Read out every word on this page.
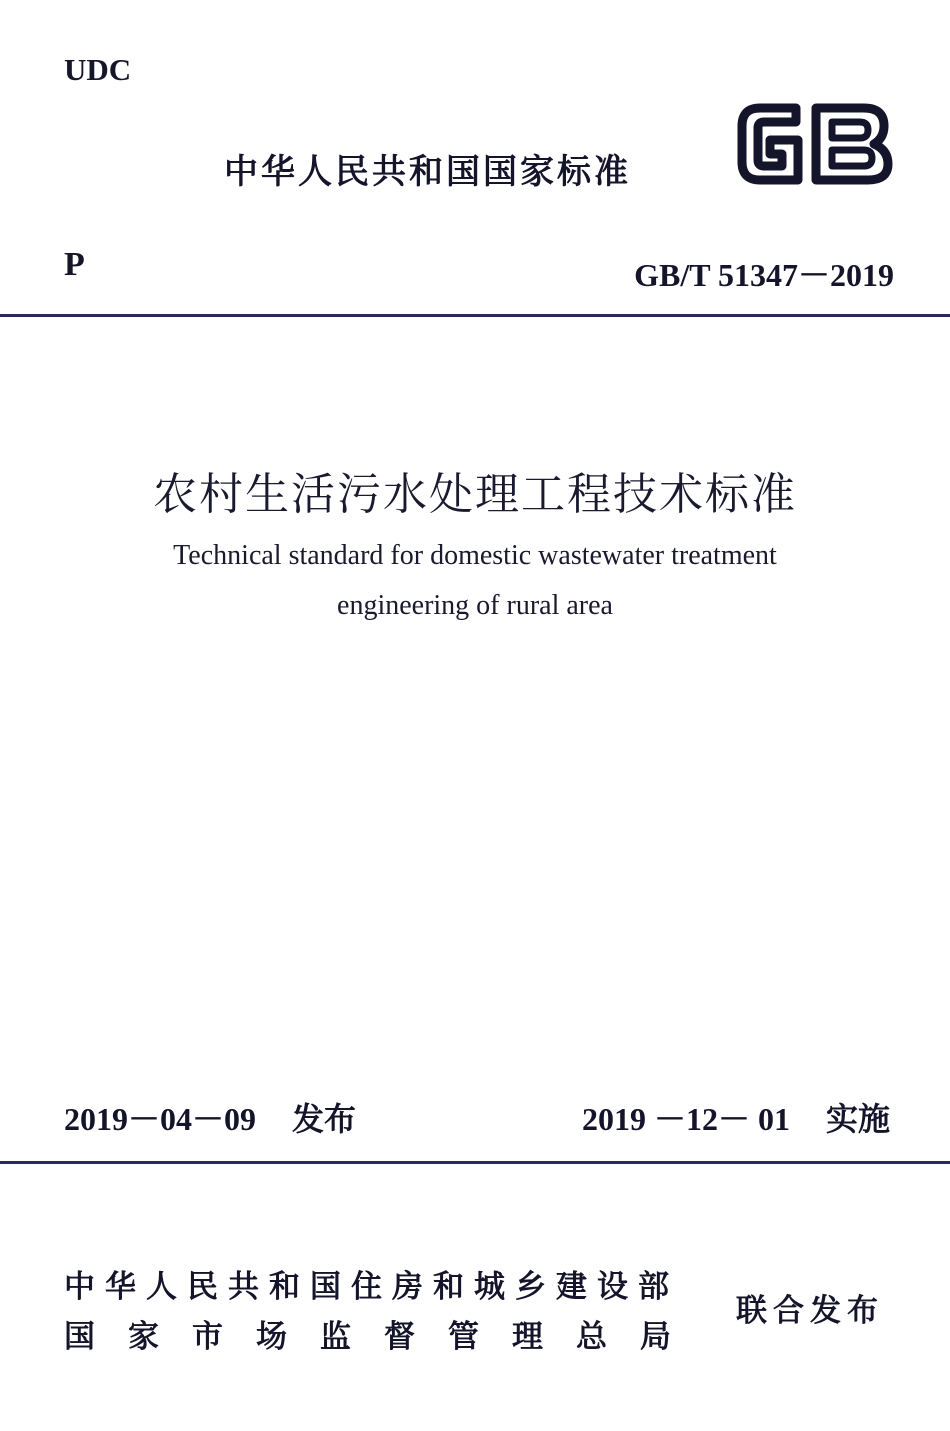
UDC
中华人民共和国国家标准
P	GB/T 51347－2019
农村生活污水处理工程技术标准
Technical standard for domestic wastewater treatment
engineering of rural area
2019－04－09 发布	2019 －12－ 01 实施
中华人民共和国住房和城乡建设部
国家市场监督管理总局
联合发布
